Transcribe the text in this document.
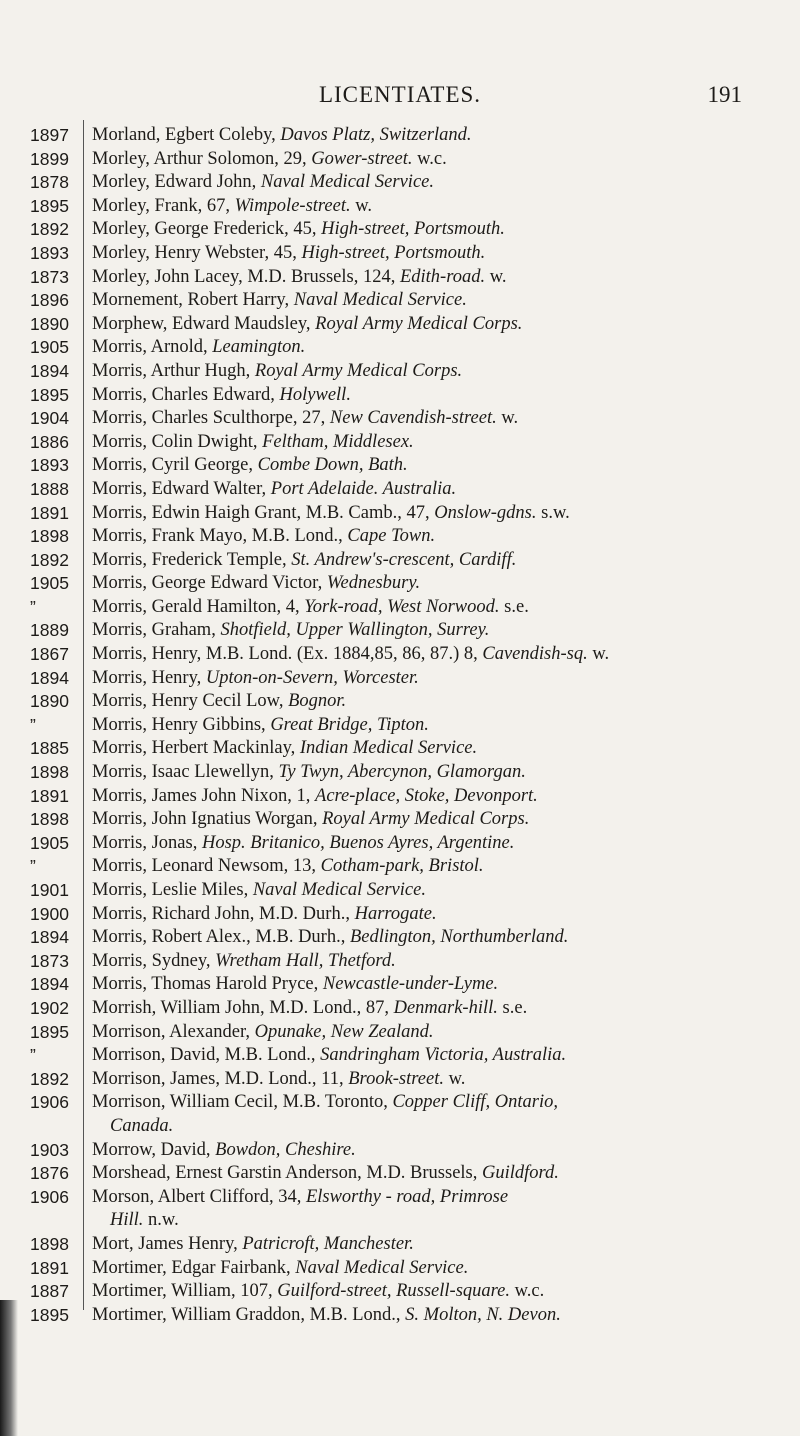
LICENTIATES.	191
1897	Morland, Egbert Coleby, Davos Platz, Switzerland.
1899	Morley, Arthur Solomon, 29, Gower-street. w.c.
1878	Morley, Edward John, Naval Medical Service.
1895	Morley, Frank, 67, Wimpole-street. w.
1892	Morley, George Frederick, 45, High-street, Portsmouth.
1893	Morley, Henry Webster, 45, High-street, Portsmouth.
1873	Morley, John Lacey, M.D. Brussels, 124, Edith-road. w.
1896	Mornement, Robert Harry, Naval Medical Service.
1890	Morphew, Edward Maudsley, Royal Army Medical Corps.
1905	Morris, Arnold, Leamington.
1894	Morris, Arthur Hugh, Royal Army Medical Corps.
1895	Morris, Charles Edward, Holywell.
1904	Morris, Charles Sculthorpe, 27, New Cavendish-street. w.
1886	Morris, Colin Dwight, Feltham, Middlesex.
1893	Morris, Cyril George, Combe Down, Bath.
1888	Morris, Edward Walter, Port Adelaide. Australia.
1891	Morris, Edwin Haigh Grant, M.B. Camb., 47, Onslow-gdns. s.w.
1898	Morris, Frank Mayo, M.B. Lond., Cape Town.
1892	Morris, Frederick Temple, St. Andrew's-crescent, Cardiff.
1905	Morris, George Edward Victor, Wednesbury.
”	Morris, Gerald Hamilton, 4, York-road, West Norwood. s.e.
1889	Morris, Graham, Shotfield, Upper Wallington, Surrey.
1867	Morris, Henry, M.B. Lond. (Ex. 1884,85, 86, 87.) 8, Cavendish-sq. w.
1894	Morris, Henry, Upton-on-Severn, Worcester.
1890	Morris, Henry Cecil Low, Bognor.
”	Morris, Henry Gibbins, Great Bridge, Tipton.
1885	Morris, Herbert Mackinlay, Indian Medical Service.
1898	Morris, Isaac Llewellyn, Ty Twyn, Abercynon, Glamorgan.
1891	Morris, James John Nixon, 1, Acre-place, Stoke, Devonport.
1898	Morris, John Ignatius Worgan, Royal Army Medical Corps.
1905	Morris, Jonas, Hosp. Britanico, Buenos Ayres, Argentine.
”	Morris, Leonard Newsom, 13, Cotham-park, Bristol.
1901	Morris, Leslie Miles, Naval Medical Service.
1900	Morris, Richard John, M.D. Durh., Harrogate.
1894	Morris, Robert Alex., M.B. Durh., Bedlington, Northumberland.
1873	Morris, Sydney, Wretham Hall, Thetford.
1894	Morris, Thomas Harold Pryce, Newcastle-under-Lyme.
1902	Morrish, William John, M.D. Lond., 87, Denmark-hill. s.e.
1895	Morrison, Alexander, Opunake, New Zealand.
”	Morrison, David, M.B. Lond., Sandringham Victoria, Australia.
1892	Morrison, James, M.D. Lond., 11, Brook-street. w.
1906	Morrison, William Cecil, M.B. Toronto, Copper Cliff, Ontario,
Canada.
1903	Morrow, David, Bowdon, Cheshire.
1876	Morshead, Ernest Garstin Anderson, M.D. Brussels, Guildford.
1906	Morson, Albert Clifford, 34, Elsworthy - road, Primrose
Hill. n.w.
1898	Mort, James Henry, Patricroft, Manchester.
1891	Mortimer, Edgar Fairbank, Naval Medical Service.
1887	Mortimer, William, 107, Guilford-street, Russell-square. w.c.
1895	Mortimer, William Graddon, M.B. Lond., S. Molton, N. Devon.
